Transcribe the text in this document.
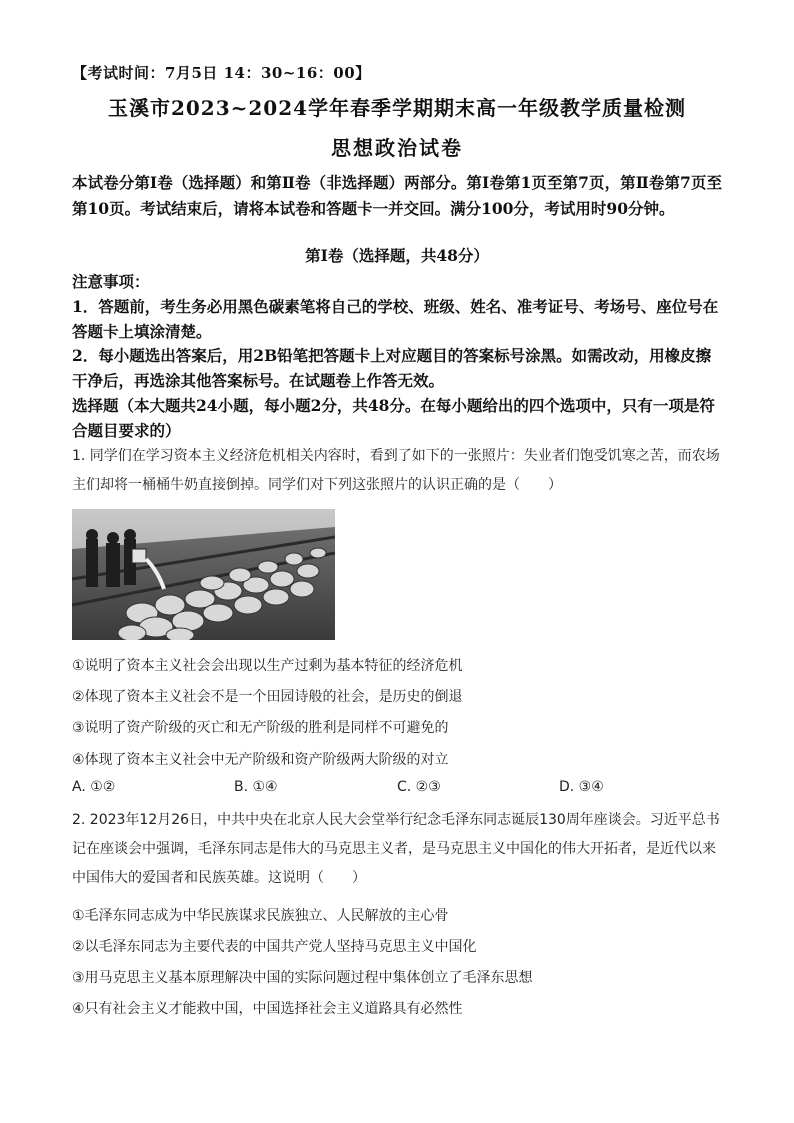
【考试时间：7月5日 14：30~16：00】
玉溪市2023~2024学年春季学期期末高一年级教学质量检测
思想政治试卷
本试卷分第Ⅰ卷（选择题）和第Ⅱ卷（非选择题）两部分。第Ⅰ卷第1页至第7页，第Ⅱ卷第7页至第10页。考试结束后，请将本试卷和答题卡一并交回。满分100分，考试用时90分钟。
第Ⅰ卷（选择题，共48分）
注意事项：
1．答题前，考生务必用黑色碳素笔将自己的学校、班级、姓名、准考证号、考场号、座位号在答题卡上填涂清楚。
2．每小题选出答案后，用2B铅笔把答题卡上对应题目的答案标号涂黑。如需改动，用橡皮擦干净后，再选涂其他答案标号。在试题卷上作答无效。
选择题（本大题共24小题，每小题2分，共48分。在每小题给出的四个选项中，只有一项是符合题目要求的）
1. 同学们在学习资本主义经济危机相关内容时，看到了如下的一张照片：失业者们饱受饥寒之苦，而农场主们却将一桶桶牛奶直接倒掉。同学们对下列这张照片的认识正确的是（　　）
①说明了资本主义社会会出现以生产过剩为基本特征的经济危机
②体现了资本主义社会不是一个田园诗般的社会，是历史的倒退
③说明了资产阶级的灭亡和无产阶级的胜利是同样不可避免的
④体现了资本主义社会中无产阶级和资产阶级两大阶级的对立
A. ①②	B. ①④	C. ②③	D. ③④
2. 2023年12月26日，中共中央在北京人民大会堂举行纪念毛泽东同志诞辰130周年座谈会。习近平总书记在座谈会中强调，毛泽东同志是伟大的马克思主义者，是马克思主义中国化的伟大开拓者，是近代以来中国伟大的爱国者和民族英雄。这说明（　　）
①毛泽东同志成为中华民族谋求民族独立、人民解放的主心骨
②以毛泽东同志为主要代表的中国共产党人坚持马克思主义中国化
③用马克思主义基本原理解决中国的实际问题过程中集体创立了毛泽东思想
④只有社会主义才能救中国，中国选择社会主义道路具有必然性
